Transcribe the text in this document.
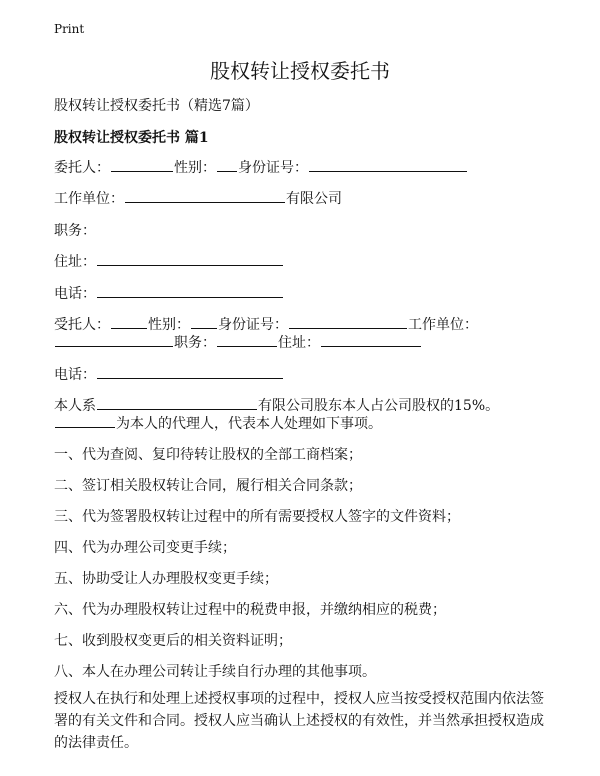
Print
股权转让授权委托书
股权转让授权委托书（精选7篇）
股权转让授权委托书 篇1
委托人：	性别： 身份证号：
工作单位：	有限公司
职务：
住址：
电话：
受托人：	性别： 身份证号：	工作单位：
职务：	住址：
电话：
本人系	有限公司股东本人占公司股权的15%。
为本人的代理人，代表本人处理如下事项。
一、代为查阅、复印待转让股权的全部工商档案；
二、签订相关股权转让合同，履行相关合同条款；
三、代为签署股权转让过程中的所有需要授权人签字的文件资料；
四、代为办理公司变更手续；
五、协助受让人办理股权变更手续；
六、代为办理股权转让过程中的税费申报，并缴纳相应的税费；
七、收到股权变更后的相关资料证明；
八、本人在办理公司转让手续自行办理的其他事项。
授权人在执行和处理上述授权事项的过程中，授权人应当按受授权范围内依法签署的有关文件和合同。授权人应当确认上述授权的有效性，并当然承担授权造成的法律责任。
